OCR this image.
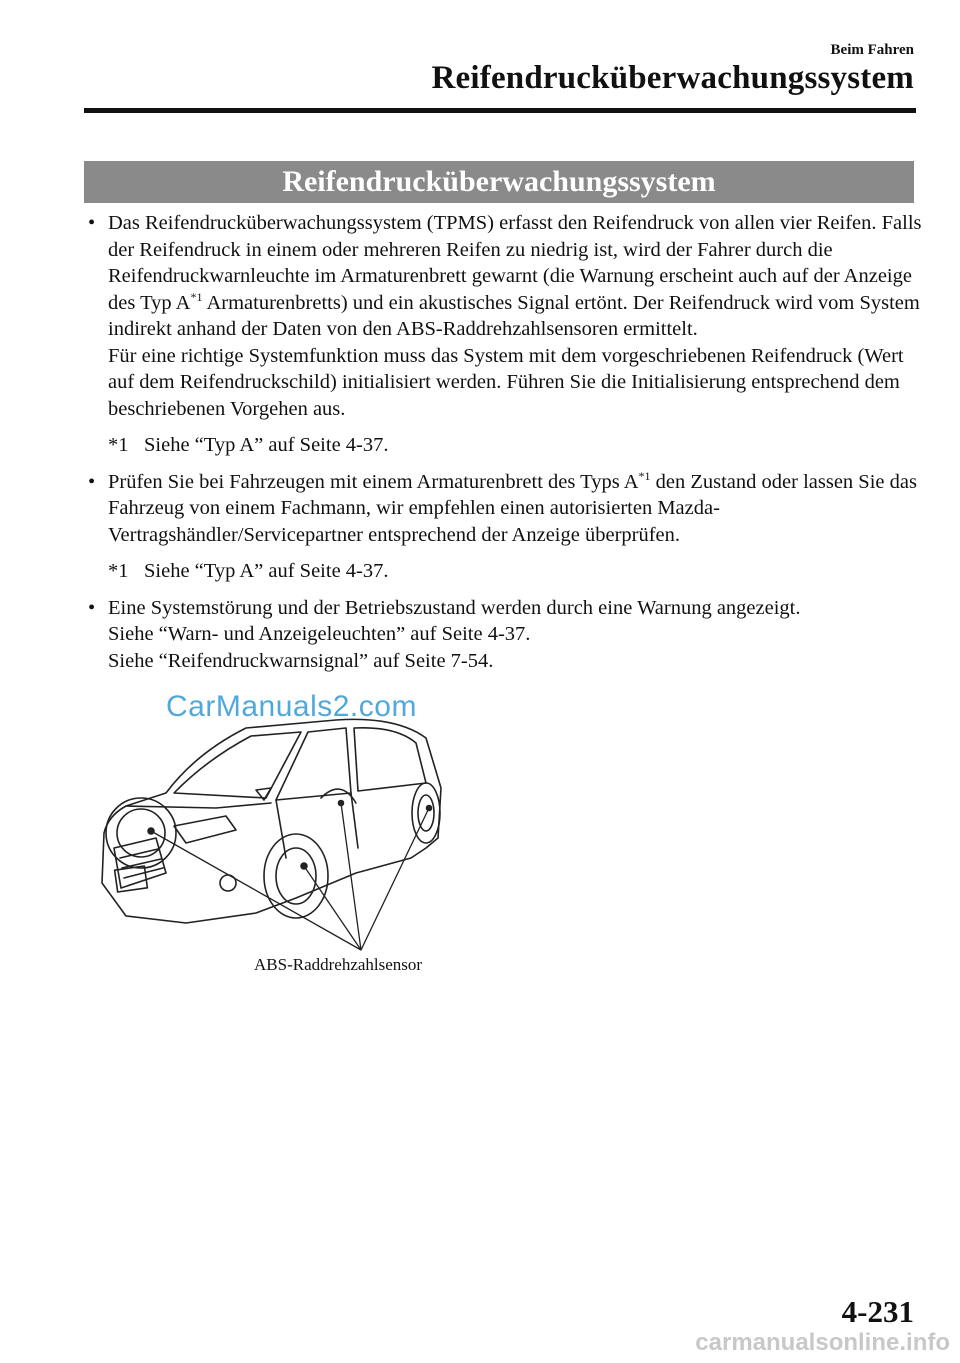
Beim Fahren
Reifendrucküberwachungssystem
Reifendrucküberwachungssystem
• Das Reifendrucküberwachungssystem (TPMS) erfasst den Reifendruck von allen vier Reifen. Falls der Reifendruck in einem oder mehreren Reifen zu niedrig ist, wird der Fahrer durch die Reifendruckwarnleuchte im Armaturenbrett gewarnt (die Warnung erscheint auch auf der Anzeige des Typ $A^{*1}$ Armaturenbretts) und ein akustisches Signal ertönt. Der Reifendruck wird vom System indirekt anhand der Daten von den ABS-Raddrehzahlsensoren ermittelt.
Für eine richtige Systemfunktion muss das System mit dem vorgeschriebenen Reifendruck (Wert auf dem Reifendruckschild) initialisiert werden. Führen Sie die Initialisierung entsprechend dem beschriebenen Vorgehen aus.
*1 Siehe “Typ A” auf Seite 4-37.
• Prüfen Sie bei Fahrzeugen mit einem Armaturenbrett des Typs $A^{*1}$ den Zustand oder lassen Sie das Fahrzeug von einem Fachmann, wir empfehlen einen autorisierten Mazda-Vertragshändler/Servicepartner entsprechend der Anzeige überprüfen.
*1 Siehe “Typ A” auf Seite 4-37.
• Eine Systemstörung und der Betriebszustand werden durch eine Warnung angezeigt.
Siehe “Warn- und Anzeigeleuchten” auf Seite 4-37.
Siehe “Reifendruckwarnsignal” auf Seite 7-54.
CarManuals2.com
ABS-Raddrehzahlsensor
4-231
carmanualsonline.info
